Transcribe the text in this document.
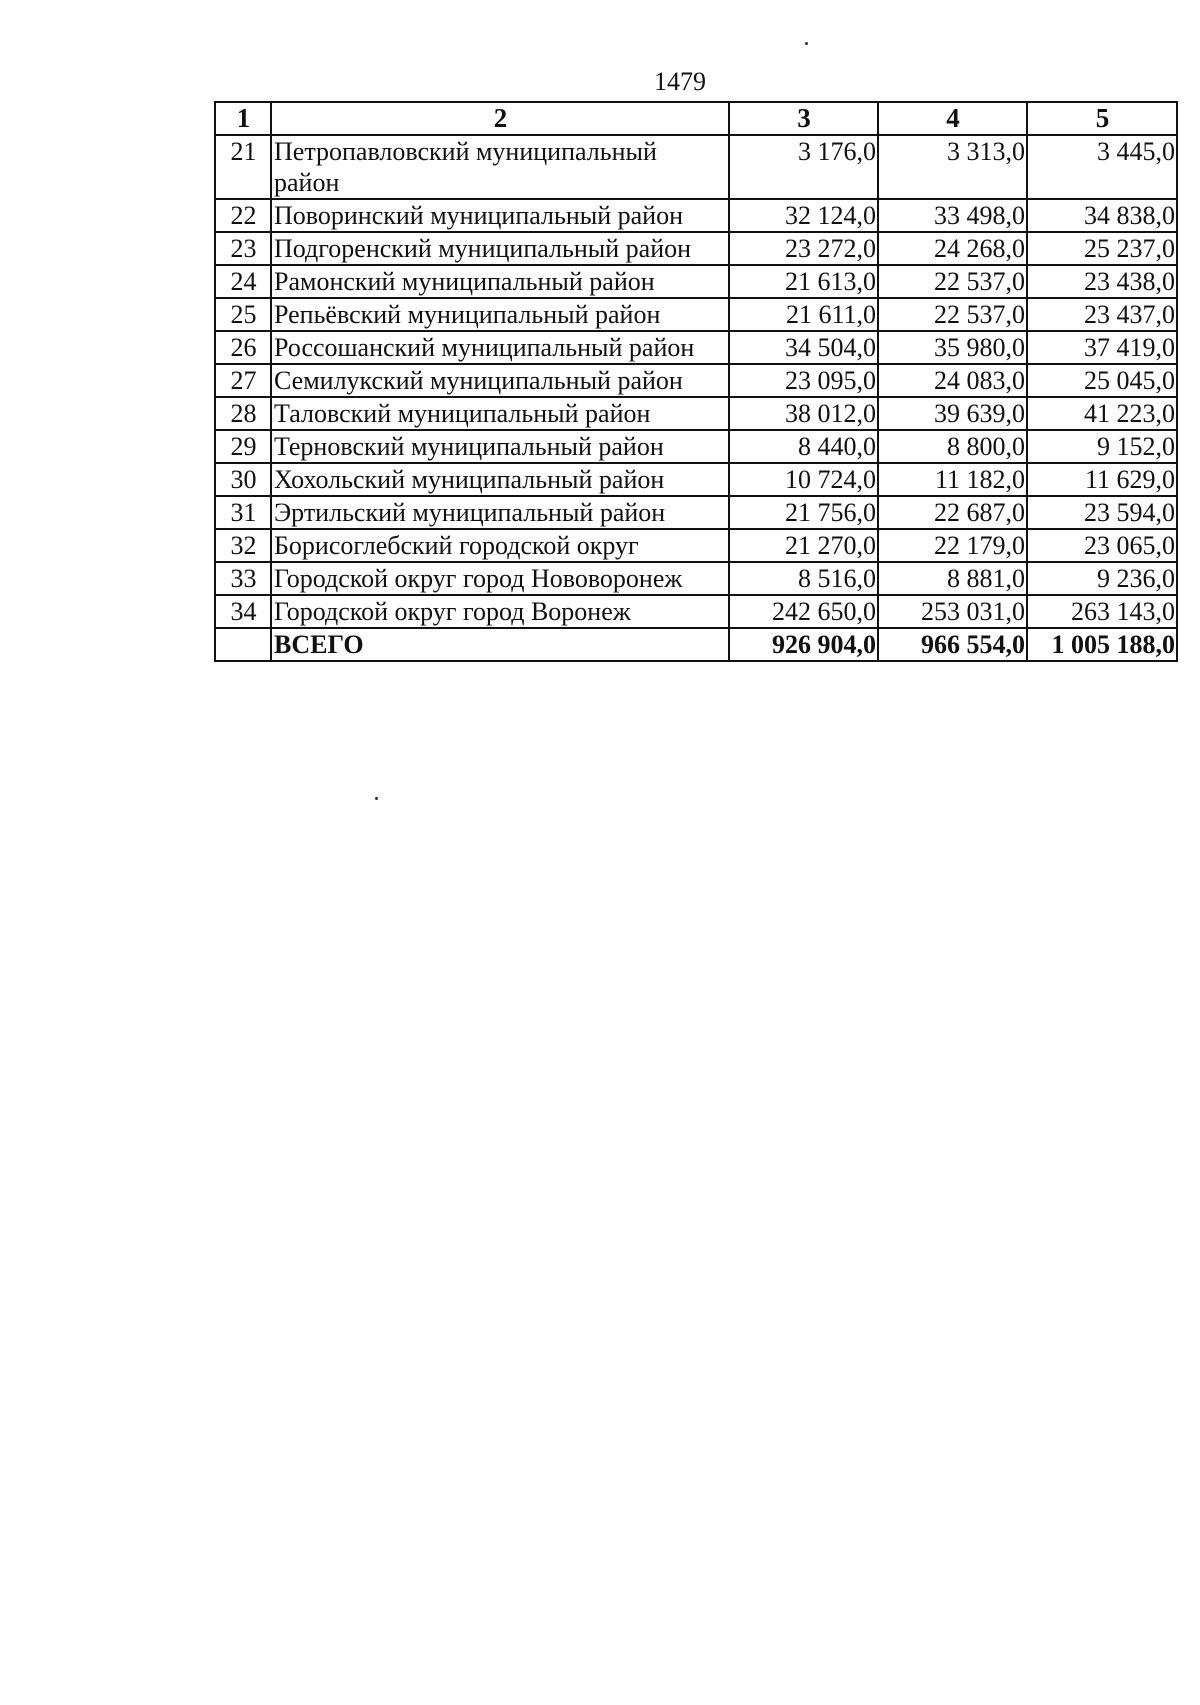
1479
1	2	3	4	5
21	Петропавловский муниципальный район	3 176,0	3 313,0	3 445,0
22	Поворинский муниципальный район	32 124,0	33 498,0	34 838,0
23	Подгоренский муниципальный район	23 272,0	24 268,0	25 237,0
24	Рамонский муниципальный район	21 613,0	22 537,0	23 438,0
25	Репьёвский муниципальный район	21 611,0	22 537,0	23 437,0
26	Россошанский муниципальный район	34 504,0	35 980,0	37 419,0
27	Семилукский муниципальный район	23 095,0	24 083,0	25 045,0
28	Таловский муниципальный район	38 012,0	39 639,0	41 223,0
29	Терновский муниципальный район	8 440,0	8 800,0	9 152,0
30	Хохольский муниципальный район	10 724,0	11 182,0	11 629,0
31	Эртильский муниципальный район	21 756,0	22 687,0	23 594,0
32	Борисоглебский городской округ	21 270,0	22 179,0	23 065,0
33	Городской округ город Нововоронеж	8 516,0	8 881,0	9 236,0
34	Городской округ город Воронеж	242 650,0	253 031,0	263 143,0
	ВСЕГО	926 904,0	966 554,0	1 005 188,0
